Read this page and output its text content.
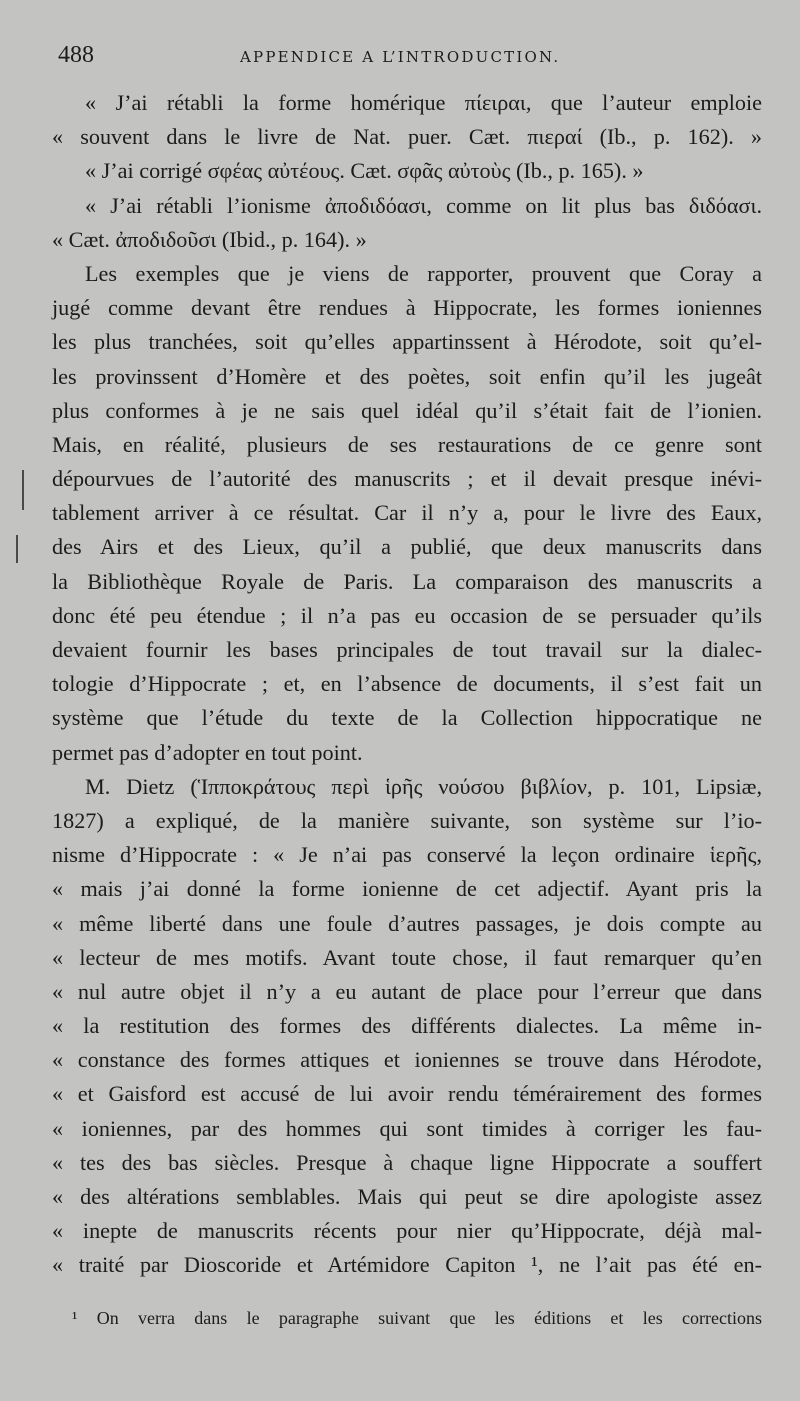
488	APPENDICE A L’INTRODUCTION.
« J’ai rétabli la forme homérique πίειραι, que l’auteur emploie
« souvent dans le livre de Nat. puer. Cæt. πιεραί (Ib., p. 162). »
« J’ai corrigé σφέας αὐτέους. Cæt. σφᾶς αὐτοὺς (Ib., p. 165). »
« J’ai rétabli l’ionisme ἀποδιδόασι, comme on lit plus bas διδόασι.
« Cæt. ἀποδιδοῦσι (Ibid., p. 164). »
Les exemples que je viens de rapporter, prouvent que Coray a
jugé comme devant être rendues à Hippocrate, les formes ioniennes
les plus tranchées, soit qu’elles appartinssent à Hérodote, soit qu’el-
les provinssent d’Homère et des poètes, soit enfin qu’il les jugeât
plus conformes à je ne sais quel idéal qu’il s’était fait de l’ionien.
Mais, en réalité, plusieurs de ses restaurations de ce genre sont
dépourvues de l’autorité des manuscrits ; et il devait presque inévi-
tablement arriver à ce résultat. Car il n’y a, pour le livre des Eaux,
des Airs et des Lieux, qu’il a publié, que deux manuscrits dans
la Bibliothèque Royale de Paris. La comparaison des manuscrits a
donc été peu étendue ; il n’a pas eu occasion de se persuader qu’ils
devaient fournir les bases principales de tout travail sur la dialec-
tologie d’Hippocrate ; et, en l’absence de documents, il s’est fait un
système que l’étude du texte de la Collection hippocratique ne
permet pas d’adopter en tout point.
M. Dietz (Ἱπποκράτους περὶ ἱρῆς νούσου βιβλίον, p. 101, Lipsiæ,
1827) a expliqué, de la manière suivante, son système sur l’io-
nisme d’Hippocrate : « Je n’ai pas conservé la leçon ordinaire ἱερῆς,
« mais j’ai donné la forme ionienne de cet adjectif. Ayant pris la
« même liberté dans une foule d’autres passages, je dois compte au
« lecteur de mes motifs. Avant toute chose, il faut remarquer qu’en
« nul autre objet il n’y a eu autant de place pour l’erreur que dans
« la restitution des formes des différents dialectes. La même in-
« constance des formes attiques et ioniennes se trouve dans Hérodote,
« et Gaisford est accusé de lui avoir rendu témérairement des formes
« ioniennes, par des hommes qui sont timides à corriger les fau-
« tes des bas siècles. Presque à chaque ligne Hippocrate a souffert
« des altérations semblables. Mais qui peut se dire apologiste assez
« inepte de manuscrits récents pour nier qu’Hippocrate, déjà mal-
« traité par Dioscoride et Artémidore Capiton ¹, ne l’ait pas été en-
¹ On verra dans le paragraphe suivant que les éditions et les corrections
